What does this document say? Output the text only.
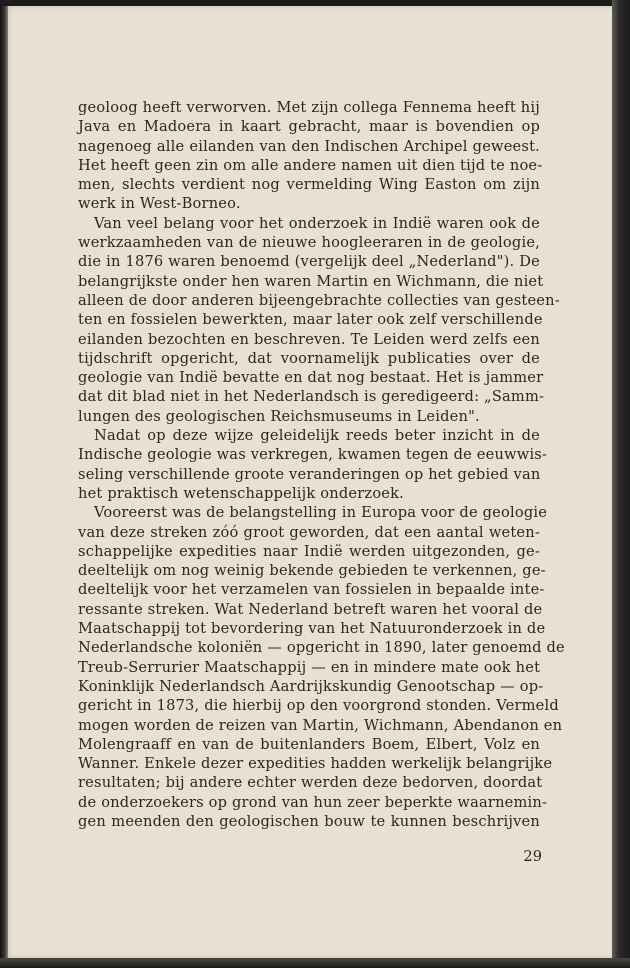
geoloog heeft verworven. Met zijn collega Fennema heeft hij
Java en Madoera in kaart gebracht, maar is bovendien op
nagenoeg alle eilanden van den Indischen Archipel geweest.
Het heeft geen zin om alle andere namen uit dien tijd te noe-
men, slechts verdient nog vermelding Wing Easton om zijn
werk in West-Borneo.
Van veel belang voor het onderzoek in Indië waren ook de
werkzaamheden van de nieuwe hoogleeraren in de geologie,
die in 1876 waren benoemd (vergelijk deel „Nederland"). De
belangrijkste onder hen waren Martin en Wichmann, die niet
alleen de door anderen bijeengebrachte collecties van gesteen-
ten en fossielen bewerkten, maar later ook zelf verschillende
eilanden bezochten en beschreven. Te Leiden werd zelfs een
tijdschrift opgericht, dat voornamelijk publicaties over de
geologie van Indië bevatte en dat nog bestaat. Het is jammer
dat dit blad niet in het Nederlandsch is geredigeerd: „Samm-
lungen des geologischen Reichsmuseums in Leiden".
Nadat op deze wijze geleidelijk reeds beter inzicht in de
Indische geologie was verkregen, kwamen tegen de eeuwwis-
seling verschillende groote veranderingen op het gebied van
het praktisch wetenschappelijk onderzoek.
Vooreerst was de belangstelling in Europa voor de geologie
van deze streken zóó groot geworden, dat een aantal weten-
schappelijke expedities naar Indië werden uitgezonden, ge-
deeltelijk om nog weinig bekende gebieden te verkennen, ge-
deeltelijk voor het verzamelen van fossielen in bepaalde inte-
ressante streken. Wat Nederland betreft waren het vooral de
Maatschappij tot bevordering van het Natuuronderzoek in de
Nederlandsche koloniën — opgericht in 1890, later genoemd de
Treub-Serrurier Maatschappij — en in mindere mate ook het
Koninklijk Nederlandsch Aardrijkskundig Genootschap — op-
gericht in 1873, die hierbij op den voorgrond stonden. Vermeld
mogen worden de reizen van Martin, Wichmann, Abendanon en
Molengraaff en van de buitenlanders Boem, Elbert, Volz en
Wanner. Enkele dezer expedities hadden werkelijk belangrijke
resultaten; bij andere echter werden deze bedorven, doordat
de onderzoekers op grond van hun zeer beperkte waarnemin-
gen meenden den geologischen bouw te kunnen beschrijven
29
